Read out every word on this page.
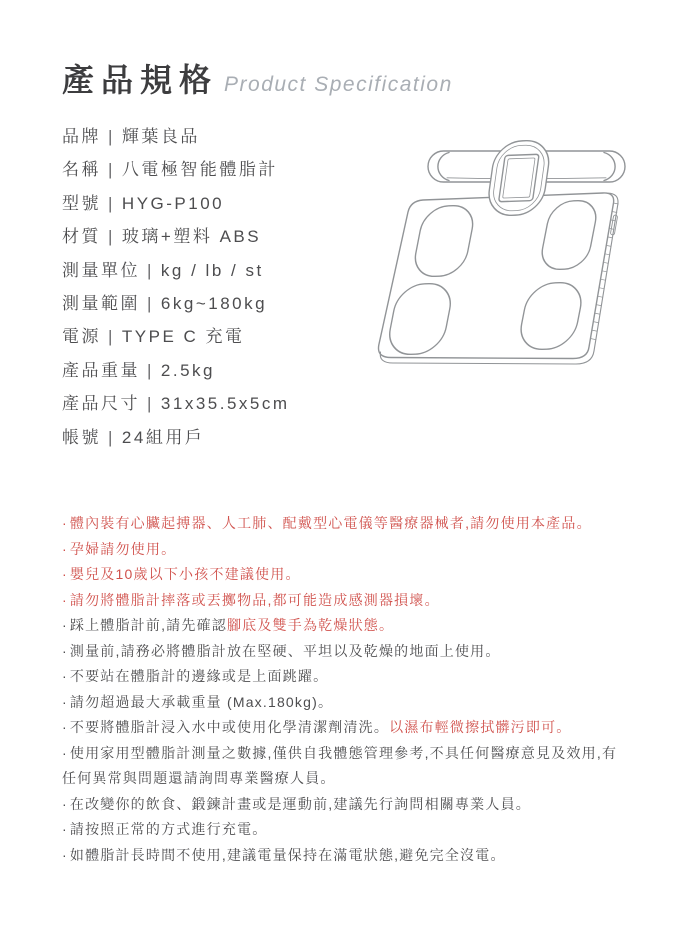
產品規格 Product Specification
品牌 | 輝葉良品
名稱 | 八電極智能體脂計
型號 | HYG-P100
材質 | 玻璃+塑料 ABS
測量單位 | kg / lb / st
測量範圍 | 6kg~180kg
電源 | TYPE C 充電
產品重量 | 2.5kg
產品尺寸 | 31x35.5x5cm
帳號 | 24組用戶

· 體內裝有心臟起搏器、人工肺、配戴型心電儀等醫療器械者,請勿使用本產品。

· 孕婦請勿使用。

· 嬰兒及10歲以下小孩不建議使用。

· 請勿將體脂計摔落或丟擲物品,都可能造成感測器損壞。

· 踩上體脂計前,請先確認腳底及雙手為乾燥狀態。

· 測量前,請務必將體脂計放在堅硬、平坦以及乾燥的地面上使用。

· 不要站在體脂計的邊緣或是上面跳躍。

· 請勿超過最大承載重量 (Max.180kg)。

· 不要將體脂計浸入水中或使用化學清潔劑清洗。以濕布輕微擦拭髒污即可。

· 使用家用型體脂計測量之數據,僅供自我體態管理參考,不具任何醫療意見及效用,有任何異常與問題還請詢問專業醫療人員。

· 在改變你的飲食、鍛鍊計畫或是運動前,建議先行詢問相關專業人員。

· 請按照正常的方式進行充電。

· 如體脂計長時間不使用,建議電量保持在滿電狀態,避免完全沒電。
